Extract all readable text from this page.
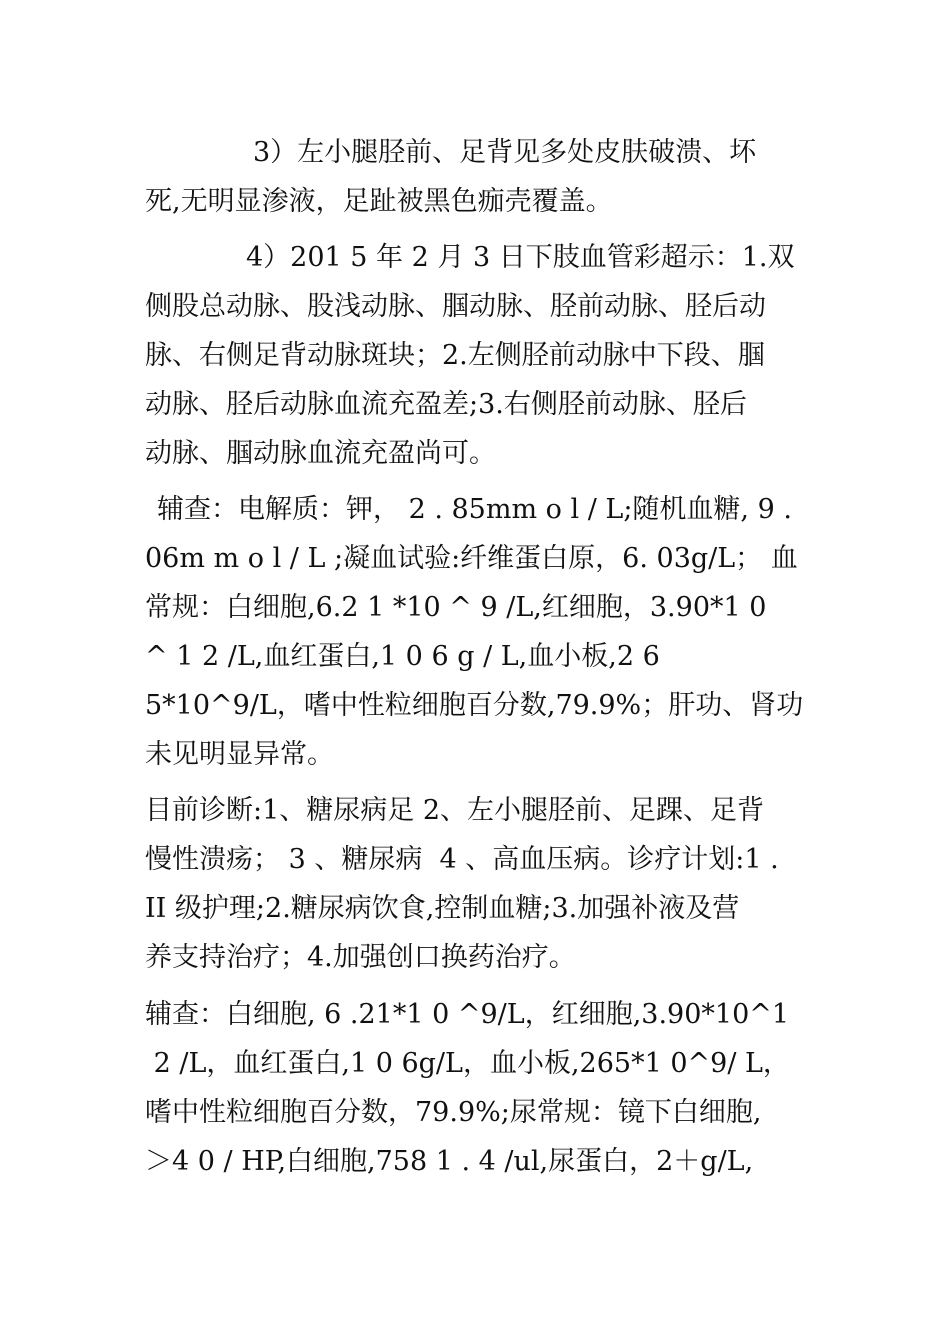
3）左小腿胫前、足背见多处皮肤破溃、坏
死,无明显渗液，足趾被黑色痂壳覆盖。
4）201 5 年 2 月 3 日下肢血管彩超示：1.双
侧股总动脉、股浅动脉、腘动脉、胫前动脉、胫后动
脉、右侧足背动脉斑块；2.左侧胫前动脉中下段、腘
动脉、胫后动脉血流充盈差;3.右侧胫前动脉、胫后
动脉、腘动脉血流充盈尚可。
辅查：电解质：钾， 2 . 85mm o l / L;随机血糖, 9 .
06m m o l / L ;凝血试验:纤维蛋白原，6. 03g/L； 血
常规：白细胞,6.2 1 *10 ^ 9 /L,红细胞，3.90*1 0
^ 1 2 /L,血红蛋白,1 0 6 g / L,血小板,2 6
5*10^9/L，嗜中性粒细胞百分数,79.9%；肝功、肾功
未见明显异常。
目前诊断:1、糖尿病足 2、左小腿胫前、足踝、足背
慢性溃疡； 3 、糖尿病  4 、高血压病。诊疗计划:1 .
II 级护理;2.糖尿病饮食,控制血糖;3.加强补液及营
养支持治疗；4.加强创口换药治疗。
辅查：白细胞, 6 .21*1 0 ^9/L，红细胞,3.90*10^1
2 /L，血红蛋白,1 0 6g/L，血小板,265*1 0^9/ L，
嗜中性粒细胞百分数，79.9%;尿常规：镜下白细胞,
＞4 0 / HP,白细胞,758 1 . 4 /ul,尿蛋白，2＋g/L,
